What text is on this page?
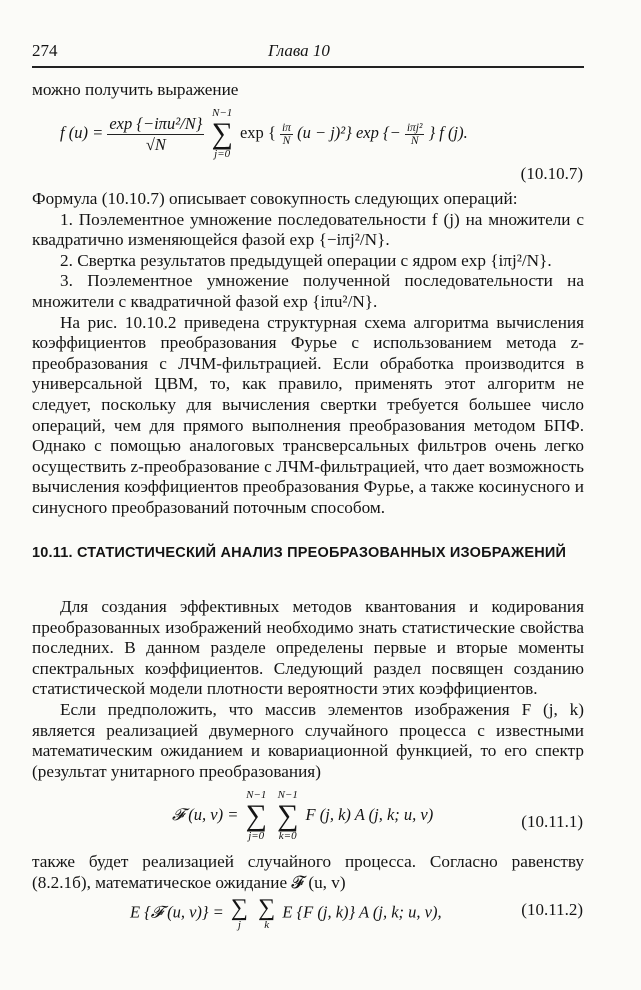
274	Глава 10

можно получить выражение

f $(u) = \frac{\text{exp \{−iπu²/N\}}}{√N}$

N−1
∑
j=0
exp { $\frac{i\pi}{N} (u - j)^2$} exp {− $\frac{\text{iπj²}}{N}$ } f (j).
(10.10.7)

Формула (10.10.7) описывает совокупность следующих операций:

1. Поэлементное умножение последовательности f (j) на множители с квадратично изменяющейся фазой exp {−iπj²/N}.

2. Свертка результатов предыдущей операции с ядром exp {iπj²/N}.

3. Поэлементное умножение полученной последовательности на множители с квадратичной фазой exp {iπu²/N}.

На рис. 10.10.2 приведена структурная схема алгоритма вычисления коэффициентов преобразования Фурье с использованием метода z-преобразования с ЛЧМ-фильтрацией. Если обработка производится в универсальной ЦВМ, то, как правило, применять этот алгоритм не следует, поскольку для вычисления свертки требуется большее число операций, чем для прямого выполнения преобразования методом БПФ. Однако с помощью аналоговых трансверсальных фильтров очень легко осуществить z-преобразование с ЛЧМ-фильтрацией, что дает возможность вычисления коэффициентов преобразования Фурье, а также косинусного и синусного преобразований поточным способом.

10.11. СТАТИСТИЧЕСКИЙ АНАЛИЗ ПРЕОБРАЗОВАННЫХ ИЗОБРАЖЕНИЙ

Для создания эффективных методов квантования и кодирования преобразованных изображений необходимо знать статистические свойства последних. В данном разделе определены первые и вторые моменты спектральных коэффициентов. Следующий раздел посвящен созданию статистической модели плотности вероятности этих коэффициентов.

Если предположить, что массив элементов изображения F (j, k) является реализацией двумерного случайного процесса с известными математическим ожиданием и ковариационной функцией, то его спектр (результат унитарного преобразования)

𝓕 (u, v) =
N−1
∑
j=0

N−1
∑
k=0
F (j, k) A (j, k; u, v)	(10.11.1)

также будет реализацией случайного процесса. Согласно равенству (8.2.1б), математическое ожидание 𝓕 (u, v)

E {𝓕 (u, v)} = ∑
j

∑
k
E {F (j, k)} A (j, k; u, v),	(10.11.2)
